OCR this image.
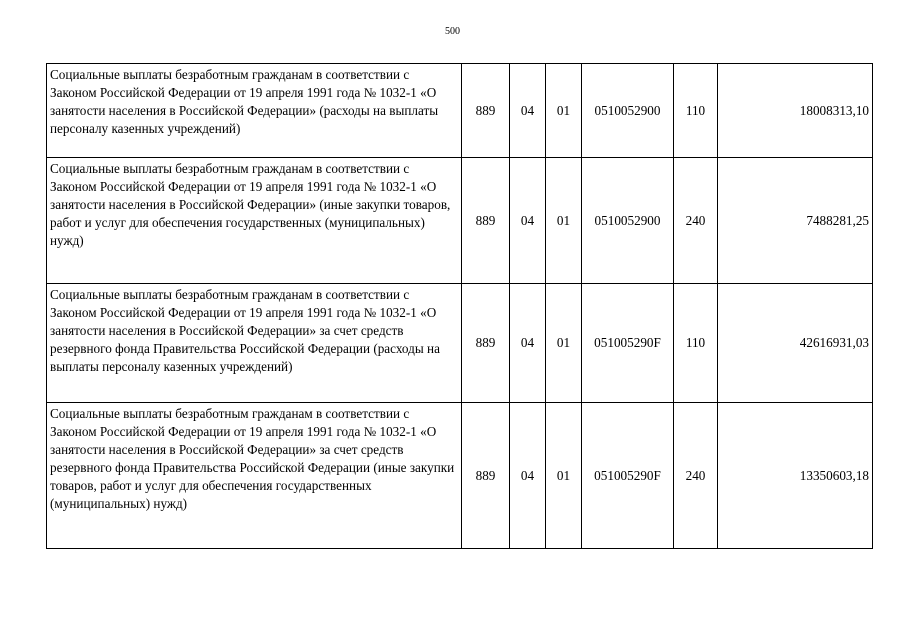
500
Социальные выплаты безработным гражданам в соответствии с Законом Российской Федерации от 19 апреля 1991 года № 1032-1 «О занятости населения в Российской Федерации» (расходы на выплаты персоналу казенных учреждений)	889	04	01	0510052900	110	18008313,10
Социальные выплаты безработным гражданам в соответствии с Законом Российской Федерации от 19 апреля 1991 года № 1032-1 «О занятости населения в Российской Федерации» (иные закупки товаров, работ и услуг для обеспечения государственных (муниципальных) нужд)	889	04	01	0510052900	240	7488281,25
Социальные выплаты безработным гражданам в соответствии с Законом Российской Федерации от 19 апреля 1991 года № 1032-1 «О занятости населения в Российской Федерации» за счет средств резервного фонда Правительства Российской Федерации (расходы на выплаты персоналу казенных учреждений)	889	04	01	051005290F	110	42616931,03
Социальные выплаты безработным гражданам в соответствии с Законом Российской Федерации от 19 апреля 1991 года № 1032-1 «О занятости населения в Российской Федерации» за счет средств резервного фонда Правительства Российской Федерации (иные закупки товаров, работ и услуг для обеспечения государственных (муниципальных) нужд)	889	04	01	051005290F	240	13350603,18
